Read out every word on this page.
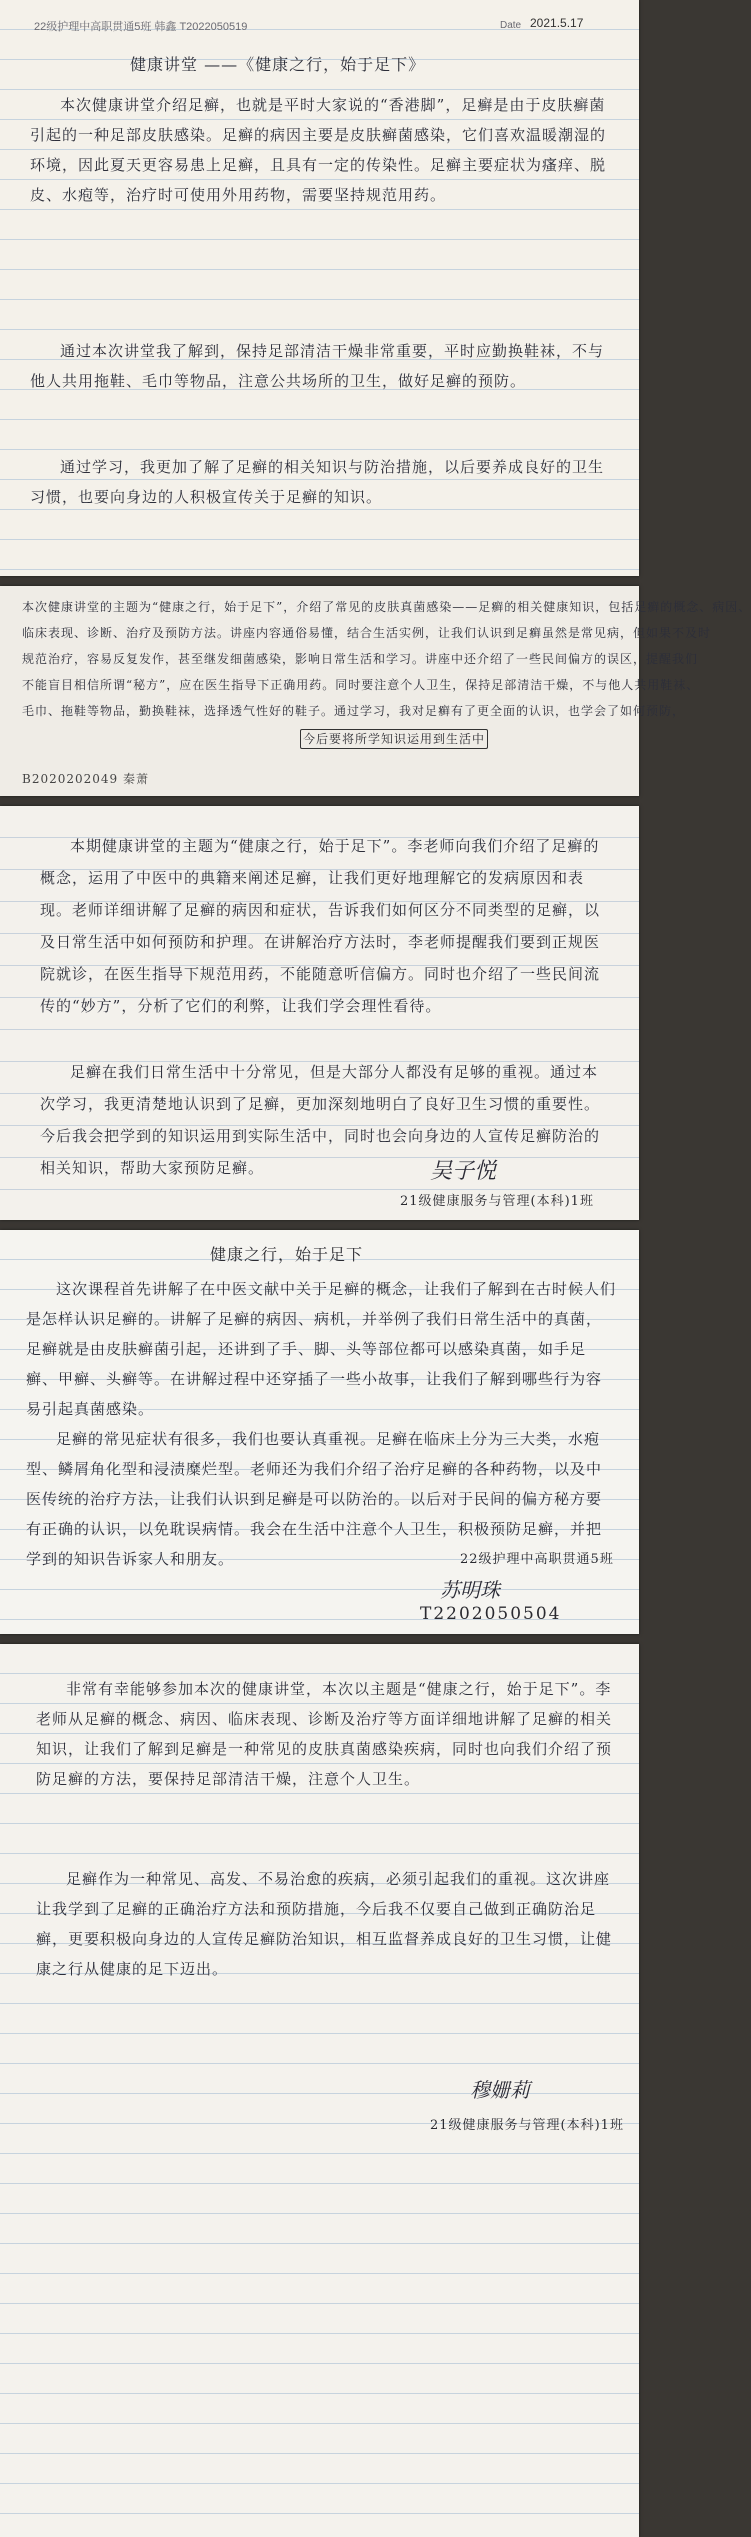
22级护理中高职贯通5班 韩鑫 T2022050519	Date 2021.5.17
健康讲堂 ——《健康之行，始于足下》

本次健康讲堂介绍足癣，也就是平时大家说的“香港脚”，足癣是由于皮肤癣菌引起的一种足部皮肤感染。足癣的病因主要是皮肤癣菌感染，它们喜欢温暖潮湿的环境，因此夏天更容易患上足癣，且具有一定的传染性。足癣主要症状为瘙痒、脱皮、水疱等，治疗时可使用外用药物，需要坚持规范用药。

通过本次讲堂我了解到，保持足部清洁干燥非常重要，平时应勤换鞋袜，不与他人共用拖鞋、毛巾等物品，注意公共场所的卫生，做好足癣的预防。

通过学习，我更加了解了足癣的相关知识与防治措施，以后要养成良好的卫生习惯，也要向身边的人积极宣传关于足癣的知识。

本次健康讲堂的主题为“健康之行，始于足下”，介绍了常见的皮肤真菌感染——足癣的相关健康知识，包括足癣的概念、病因、
临床表现、诊断、治疗及预防方法。讲座内容通俗易懂，结合生活实例，让我们认识到足癣虽然是常见病，但如果不及时
规范治疗，容易反复发作，甚至继发细菌感染，影响日常生活和学习。讲座中还介绍了一些民间偏方的误区，提醒我们
不能盲目相信所谓“秘方”，应在医生指导下正确用药。同时要注意个人卫生，保持足部清洁干燥，不与他人共用鞋袜、
毛巾、拖鞋等物品，勤换鞋袜，选择透气性好的鞋子。通过学习，我对足癣有了更全面的认识，也学会了如何预防，
今后要将所学知识运用到生活中
B2020202049 秦萧

本期健康讲堂的主题为“健康之行，始于足下”。李老师向我们介绍了足癣的概念，运用了中医中的典籍来阐述足癣，让我们更好地理解它的发病原因和表现。老师详细讲解了足癣的病因和症状，告诉我们如何区分不同类型的足癣，以及日常生活中如何预防和护理。在讲解治疗方法时，李老师提醒我们要到正规医院就诊，在医生指导下规范用药，不能随意听信偏方。同时也介绍了一些民间流传的“妙方”，分析了它们的利弊，让我们学会理性看待。

足癣在我们日常生活中十分常见，但是大部分人都没有足够的重视。通过本次学习，我更清楚地认识到了足癣，更加深刻地明白了良好卫生习惯的重要性。今后我会把学到的知识运用到实际生活中，同时也会向身边的人宣传足癣防治的相关知识，帮助大家预防足癣。	吴子悦
21级健康服务与管理(本科)1班
健康之行，始于足下

这次课程首先讲解了在中医文献中关于足癣的概念，让我们了解到在古时候人们是怎样认识足癣的。讲解了足癣的病因、病机，并举例了我们日常生活中的真菌，足癣就是由皮肤癣菌引起，还讲到了手、脚、头等部位都可以感染真菌，如手足癣、甲癣、头癣等。在讲解过程中还穿插了一些小故事，让我们了解到哪些行为容易引起真菌感染。

足癣的常见症状有很多，我们也要认真重视。足癣在临床上分为三大类，水疱型、鳞屑角化型和浸渍糜烂型。老师还为我们介绍了治疗足癣的各种药物，以及中医传统的治疗方法，让我们认识到足癣是可以防治的。以后对于民间的偏方秘方要有正确的认识，以免耽误病情。我会在生活中注意个人卫生，积极预防足癣，并把学到的知识告诉家人和朋友。	22级护理中高职贯通5班
苏明珠
T2202050504

非常有幸能够参加本次的健康讲堂，本次以主题是“健康之行，始于足下”。李老师从足癣的概念、病因、临床表现、诊断及治疗等方面详细地讲解了足癣的相关知识，让我们了解到足癣是一种常见的皮肤真菌感染疾病，同时也向我们介绍了预防足癣的方法，要保持足部清洁干燥，注意个人卫生。

足癣作为一种常见、高发、不易治愈的疾病，必须引起我们的重视。这次讲座让我学到了足癣的正确治疗方法和预防措施，今后我不仅要自己做到正确防治足癣，更要积极向身边的人宣传足癣防治知识，相互监督养成良好的卫生习惯，让健康之行从健康的足下迈出。

穆姗莉
21级健康服务与管理(本科)1班
